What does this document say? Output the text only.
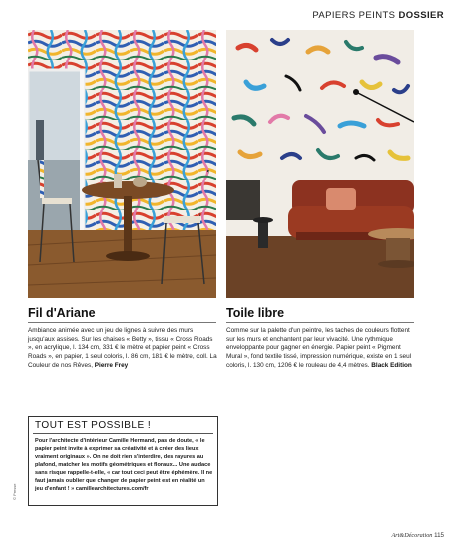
PAPIERS PEINTS DOSSIER
Fil d'Ariane
Ambiance animée avec un jeu de lignes à suivre des murs jusqu'aux assises. Sur les chaises « Betty », tissu « Cross Roads », en acrylique, l. 134 cm, 331 € le mètre et papier peint « Cross Roads », en papier, 1 seul coloris, l. 86 cm, 181 € le mètre, coll. La Couleur de nos Rêves, Pierre Frey
Toile libre
Comme sur la palette d'un peintre, les taches de couleurs flottent sur les murs et enchantent par leur vivacité. Une rythmique enveloppante pour gagner en énergie. Papier peint « Pigment Mural », fond textile tissé, impression numérique, existe en 1 seul coloris, l. 130 cm, 1206 € le rouleau de 4,4 mètres. Black Edition
TOUT EST POSSIBLE !
Pour l'architecte d'intérieur Camille Hermand, pas de doute, « le papier peint invite à exprimer sa créativité et à créer des lieux vraiment originaux ». On ne doit rien s'interdire, des rayures au plafond, matcher les motifs géométriques et floraux... Une audace sans risque rappelle-t-elle, « car tout ceci peut être éphémère. Il ne faut jamais oublier que changer de papier peint est en réalité un jeu d'enfant ! » camillearchitectures.com/fr
© Presse
Art&Décoration 115
